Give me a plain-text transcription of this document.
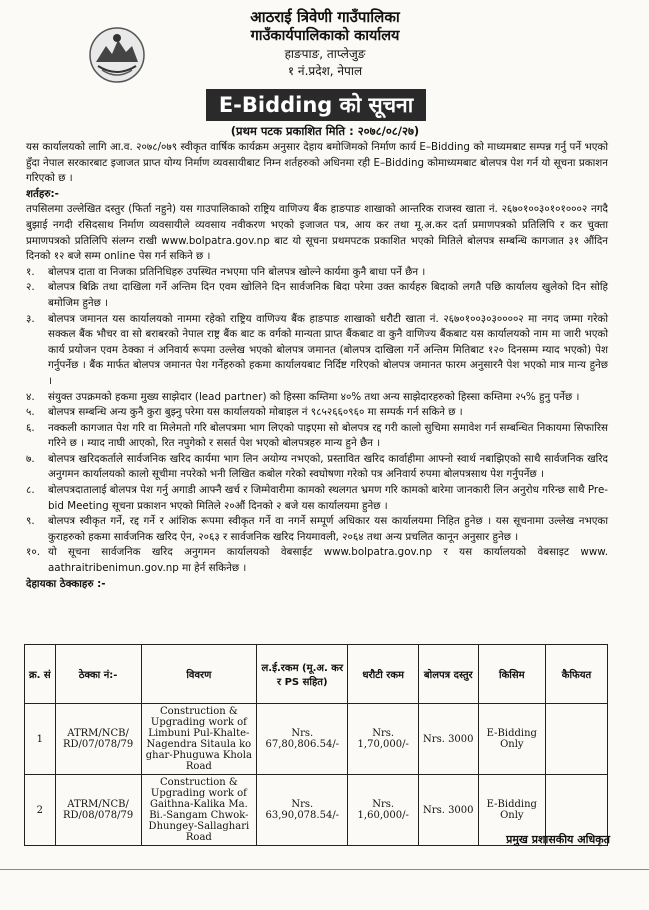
आठराई त्रिवेणी गाउँपालिका
गाउँकार्यपालिकाको कार्यालय
हाङपाङ, ताप्लेजुङ
१ नं.प्रदेश, नेपाल
E-Bidding को सूचना
(प्रथम पटक प्रकाशित मिति : २०७८/०८/२७)

यस कार्यालयको लागि आ.व. २०७८/०७९ स्वीकृत वार्षिक कार्यक्रम अनुसार देहाय बमोजिमको निर्माण कार्य E–Bidding को माध्यमबाट सम्पन्न गर्नु पर्ने भएको हुँदा नेपाल सरकारबाट इजाजत प्राप्त योग्य निर्माण व्यवसायीबाट निम्न शर्तहरुको अधिनमा रही E–Bidding कोमाध्यमबाट बोलपत्र पेश गर्न यो सूचना प्रकाशन गरिएको छ ।

शर्तहरु:-

तपसिलमा उल्लेखित दस्तुर (फिर्ता नहुने) यस गाउपालिकाको राष्ट्रिय वाणिज्य बैंक हाङपाङ शाखाको आन्तरिक राजस्व खाता नं. २६७०१००३०१०१०००२ नगदै बुझाई नगदी रसिदसाथ निर्माण व्यवसायीले व्यवसाय नवीकरण भएको इजाजत पत्र, आय कर तथा मू.अ.कर दर्ता प्रमाणपत्रको प्रतिलिपि र कर चुक्ता प्रमाणपत्रको प्रतिलिपि संलग्न राखी www.bolpatra.gov.np बाट यो सूचना प्रथमपटक प्रकाशित भएको मितिले बोलपत्र सम्बन्धि कागजात ३१ औंदिन दिनको १२ बजे सम्म online पेस गर्न सकिने छ ।

१. बोलपत्र दाता वा निजका प्रतिनिधिहरु उपस्थित नभएमा पनि बोलपत्र खोल्ने कार्यमा कुनै बाधा पर्ने छैन ।
२. बोलपत्र बिक्रि तथा दाखिला गर्ने अन्तिम दिन एवम खोलिने दिन सार्वजनिक बिदा परेमा उक्त कार्यहरु बिदाको लगतै पछि कार्यालय खुलेको दिन सोहि बमोजिम हुनेछ ।
३. बोलपत्र जमानत यस कार्यालयको नाममा रहेको राष्ट्रिय वाणिज्य बैंक हाङपाङ शाखाको धरौटी खाता नं. २६७०१००३०३००००२ मा नगद जम्मा गरेको सक्कल बैंक भौचर वा सो बराबरको नेपाल राष्ट्र बैंक बाट क वर्गको मान्यता प्राप्त बैंकबाट वा कुनै वाणिज्य बैंकबाट यस कार्यालयको नाम मा जारी भएको कार्य प्रयोजन एवम ठेक्का नं अनिवार्य रूपमा उल्लेख भएको बोलपत्र जमानत (बोलपत्र दाखिला गर्ने अन्तिम मितिबाट १२० दिनसम्म म्याद भएको) पेश गर्नुपर्नेछ । बैंक मार्फत बोलपत्र जमानत पेश गर्नेहरुको हकमा कार्यालयबाट निर्दिष्ट गरिएको बोलपत्र जमानत फारम अनुसारनै पेश भएको मात्र मान्य हुनेछ ।
४. संयुक्त उपक्रमको हकमा मुख्य साझेदार (lead partner) को हिस्सा कम्तिमा ४०% तथा अन्य साझेदारहरुको हिस्सा कम्तिमा २५% हुनु पर्नेछ ।
५. बोलपत्र सम्बन्धि अन्य कुनै कुरा बुझ्नु परेमा यस कार्यालयको मोबाइल नं ९८५२६६०९६० मा सम्पर्क गर्न सकिने छ ।
६. नक्कली कागजात पेश गरि वा मिलेमतो गरि बोलपत्रमा भाग लिएको पाइएमा सो बोलपत्र रद्द गरी कालो सुचिमा समावेश गर्न सम्बन्धित निकायमा सिफारिस गरिने छ । म्याद नाघी आएको, रित नपुगेको र ससर्त पेश भएको बोलपत्रहरु मान्य हुने छैन ।
७. बोलपत्र खरिदकर्ताले सार्वजनिक खरिद कार्यमा भाग लिन अयोग्य नभएको, प्रस्तावित खरिद कार्वाहीमा आफ्नो स्वार्थ नबाझिएको साथै सार्वजनिक खरिद अनुगमन कार्यालयको कालो सूचीमा नपरेको भनी लिखित कबोल गरेको स्वघोषणा गरेको पत्र अनिवार्य रुपमा बोलपत्रसाथ पेश गर्नुपर्नेछ ।
८. बोलपत्रदातालाई बोलपत्र पेश गर्नु अगाडी आफ्नै खर्च र जिम्मेवारीमा कामको स्थलगत भ्रमण गरि कामको बारेमा जानकारी लिन अनुरोध गरिन्छ साथै Pre-bid Meeting सूचना प्रकाशन भएको मितिले २०औं दिनको २ बजे यस कार्यालयमा हुनेछ ।
९. बोलपत्र स्वीकृत गर्ने, रद्द गर्ने र आंशिक रूपमा स्वीकृत गर्ने वा नगर्ने सम्पूर्ण अधिकार यस कार्यालयमा निहित हुनेछ । यस सूचनामा उल्लेख नभएका कुराहरुको हकमा सार्वजनिक खरिद ऐन, २०६३ र सार्वजनिक खरिद नियमावली, २०६४ तथा अन्य प्रचलित कानून अनुसार हुनेछ ।
१०. यो सूचना सार्वजनिक खरिद अनुगमन कार्यालयको वेबसाईट www.bolpatra.gov.np र यस कार्यालयको वेबसाइट www. aathraitribenimun.gov.np मा हेर्न सकिनेछ ।

देहायका ठेक्काहरु :-

क्र. सं	ठेक्का नं:-	विवरण	ल.ई.रकम (मू.अ. कर र PS सहित)	धरौटी रकम	बोलपत्र दस्तुर	किसिम	कैफियत
1	ATRM/NCB/ RD/07/078/79	Construction & Upgrading work of Limbuni Pul-Khalte-Nagendra Sitaula ko ghar-Phuguwa Khola Road	Nrs. 67,80,806.54/-	Nrs. 1,70,000/-	Nrs. 3000	E-Bidding Only	
2	ATRM/NCB/ RD/08/078/79	Construction & Upgrading work of Gaithna-Kalika Ma. Bi.-Sangam Chwok-Dhungey-Sallaghari Road	Nrs. 63,90,078.54/-	Nrs. 1,60,000/-	Nrs. 3000	E-Bidding Only	
प्रमुख प्रशासकीय अधिकृत
